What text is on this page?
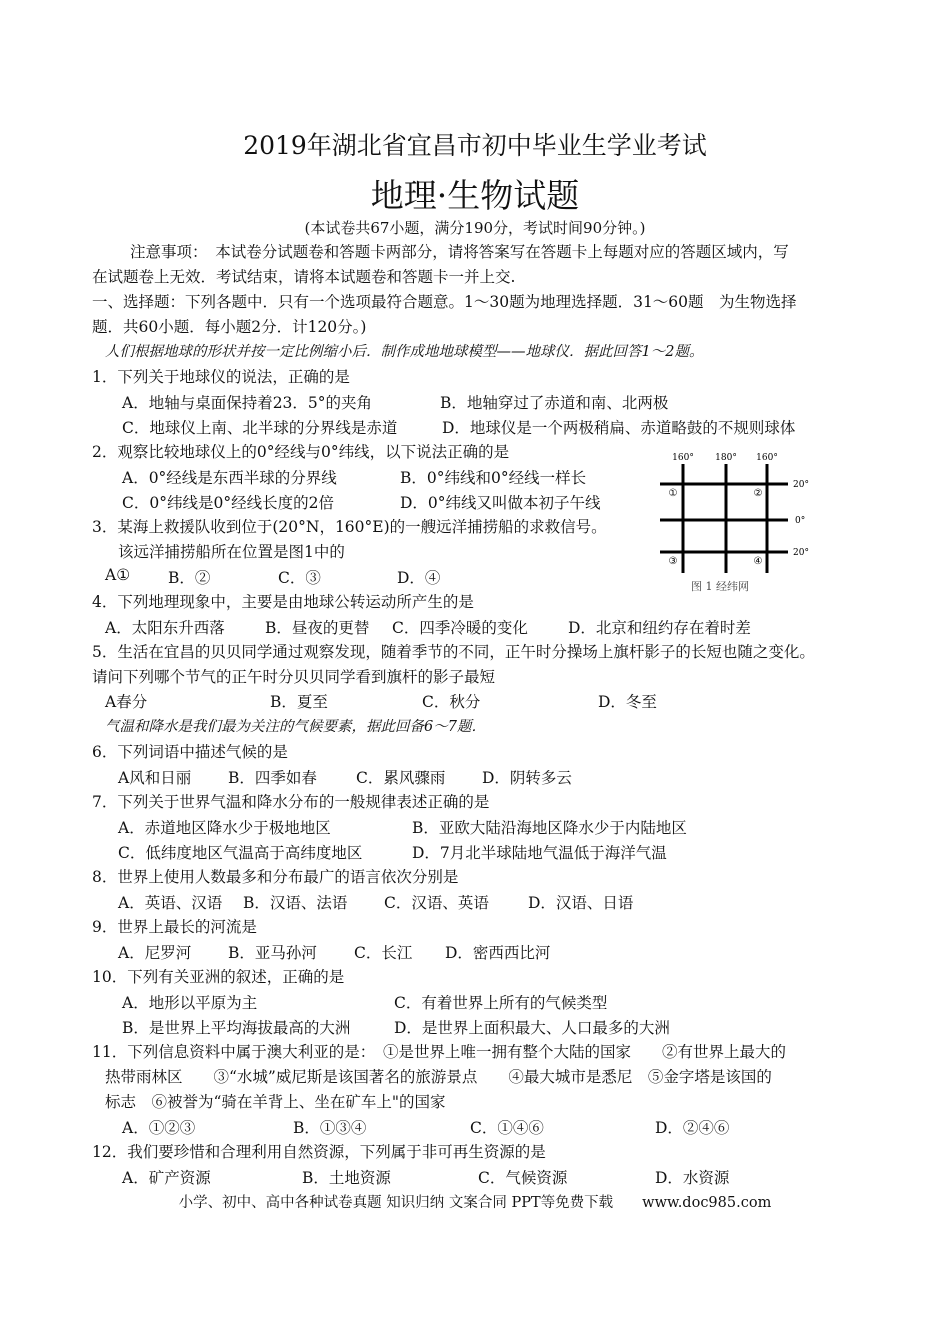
2019年湖北省宜昌市初中毕业生学业考试
地理·生物试题
(本试卷共67小题，满分190分，考试时间90分钟。)
注意事项：　本试卷分试题卷和答题卡两部分，请将答案写在答题卡上每题对应的答题区域内，写
在试题卷上无效．考试结束，请将本试题卷和答题卡一并上交.
一、选择题：下列各题中．只有一个选项最符合题意。1～30题为地理选择题．31～60题　为生物选择
题．共60小题．每小题2分．计120分。)
人们根据地球的形状并按一定比例缩小后．制作成地地球模型——地球仪．据此回答1～2题。
1．下列关于地球仪的说法，正确的是
A．地轴与桌面保持着23．5°的夹角	B．地轴穿过了赤道和南、北两极
C．地球仪上南、北半球的分界线是赤道	D．地球仪是一个两极稍扁、赤道略鼓的不规则球体
2．观察比较地球仪上的0°经线与0°纬线，以下说法正确的是
A．0°经线是东西半球的分界线	B．0°纬线和0°经线一样长
C．0°纬线是0°经线长度的2倍	D．0°纬线又叫做本初子午线
3．某海上救援队收到位于(20°N，160°E)的一艘远洋捕捞船的求救信号。
该远洋捕捞船所在位置是图1中的
A① B．②	C．③	D．④
160° 180° 160°
20°
0°
20°
①	②
③	④
图 1 经纬网
4．下列地理现象中，主要是由地球公转运动所产生的是
A．太阳东升西落	B．昼夜的更替 C．四季冷暖的变化	D．北京和纽约存在着时差
5．生活在宜昌的贝贝同学通过观察发现，随着季节的不同，正午时分操场上旗杆影子的长短也随之变化。
请问下列哪个节气的正午时分贝贝同学看到旗杆的影子最短
A春分	B．夏至	C．秋分	D．冬至
气温和降水是我们最为关注的气候要素，据此回备6～7题．
6．下列词语中描述气候的是
A风和日丽 B．四季如春	C．累风骤雨 D．阴转多云
7．下列关于世界气温和降水分布的一般规律表述正确的是
A．赤道地区降水少于极地地区	B．亚欧大陆沿海地区降水少于内陆地区
C．低纬度地区气温高于高纬度地区	D．7月北半球陆地气温低于海洋气温
8．世界上使用人数最多和分布最广的语言依次分别是
A．英语、汉语 B．汉语、法语 C．汉语、英语	D．汉语、日语
9．世界上最长的河流是
A．尼罗河 B．亚马孙河 C．长江 D．密西西比河
10．下列有关亚洲的叙述，正确的是
A．地形以平原为主	C．有着世界上所有的气候类型
B．是世界上平均海拔最高的大洲	D．是世界上面积最大、人口最多的大洲
11．下列信息资料中属于澳大利亚的是：　①是世界上唯一拥有整个大陆的国家　　②有世界上最大的
热带雨林区　　③“水城”威尼斯是该国著名的旅游景点　　④最大城市是悉尼　⑤金字塔是该国的
标志　⑥被誉为“骑在羊背上、坐在矿车上"的国家
A．①②③	B．①③④	C．①④⑥	D．②④⑥
12．我们要珍惜和合理利用自然资源，下列属于非可再生资源的是
A．矿产资源	B．土地资源	C．气候资源	D．水资源
小学、初中、高中各种试卷真题 知识归纳 文案合同 PPT等免费下载　　www.doc985.com
